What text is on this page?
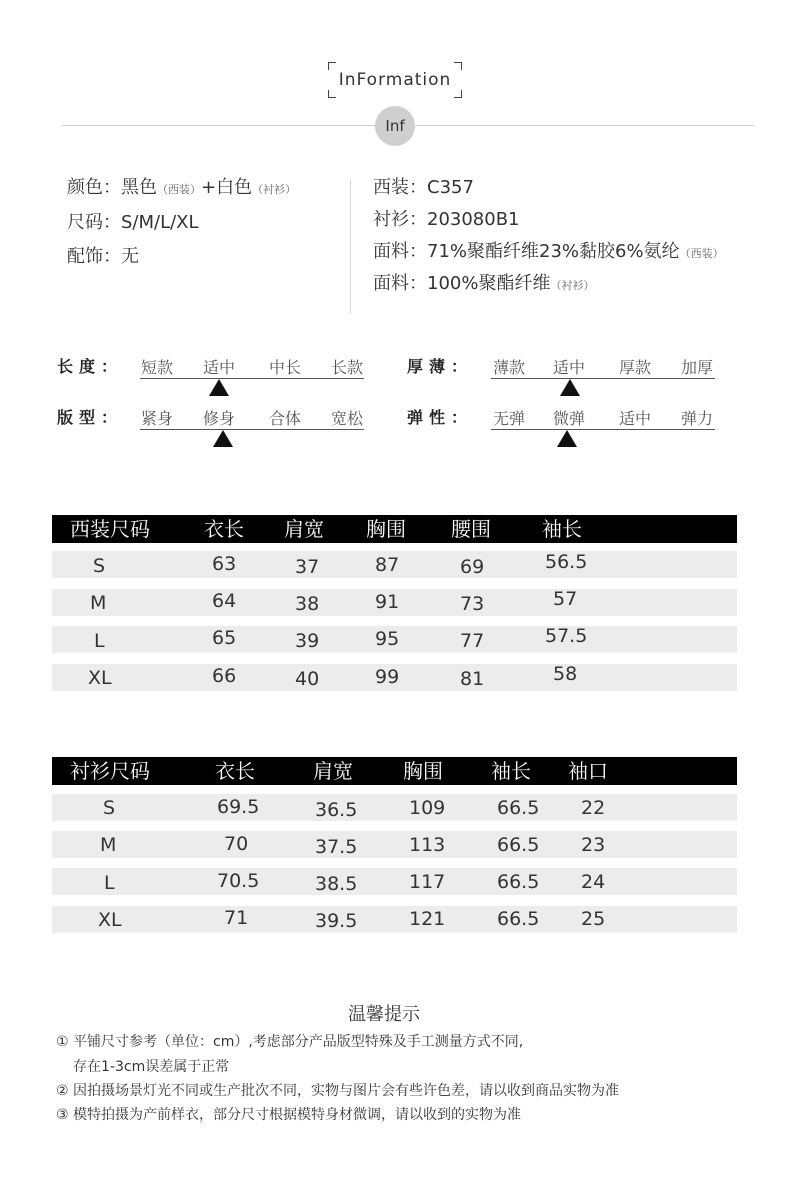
InFormation
Inf
颜色：黑色（西装）+白色（衬衫）
尺码：S/M/L/XL
配饰：无
西装：C357
衬衫：203080B1
面料：71%聚酯纤维23%黏胶6%氨纶（西装）
面料：100%聚酯纤维（衬衫）
长度： 短款 适中 中长 长款	厚薄： 薄款 适中 厚款 加厚
版型： 紧身 修身 合体 宽松	弹性： 无弹 微弹 适中 弹力
西装尺码	衣长 肩宽 胸围 腰围	袖长
S	63	37	87	69	56.5
M	64	38	91	73	57
L	65	39	95	77	57.5
XL	66	40	99	81	58
衬衫尺码	衣长	肩宽	胸围 袖长 袖口
S	69.5	36.5	109	66.5 22
M	70	37.5	113	66.5 23
L	70.5	38.5	117	66.5 24
XL	71	39.5	121	66.5 25
温馨提示
① 平铺尺寸参考（单位：cm）,考虑部分产品版型特殊及手工测量方式不同,
存在1-3cm误差属于正常
② 因拍摄场景灯光不同或生产批次不同，实物与图片会有些许色差，请以收到商品实物为准
③ 模特拍摄为产前样衣，部分尺寸根据模特身材微调，请以收到的实物为准
